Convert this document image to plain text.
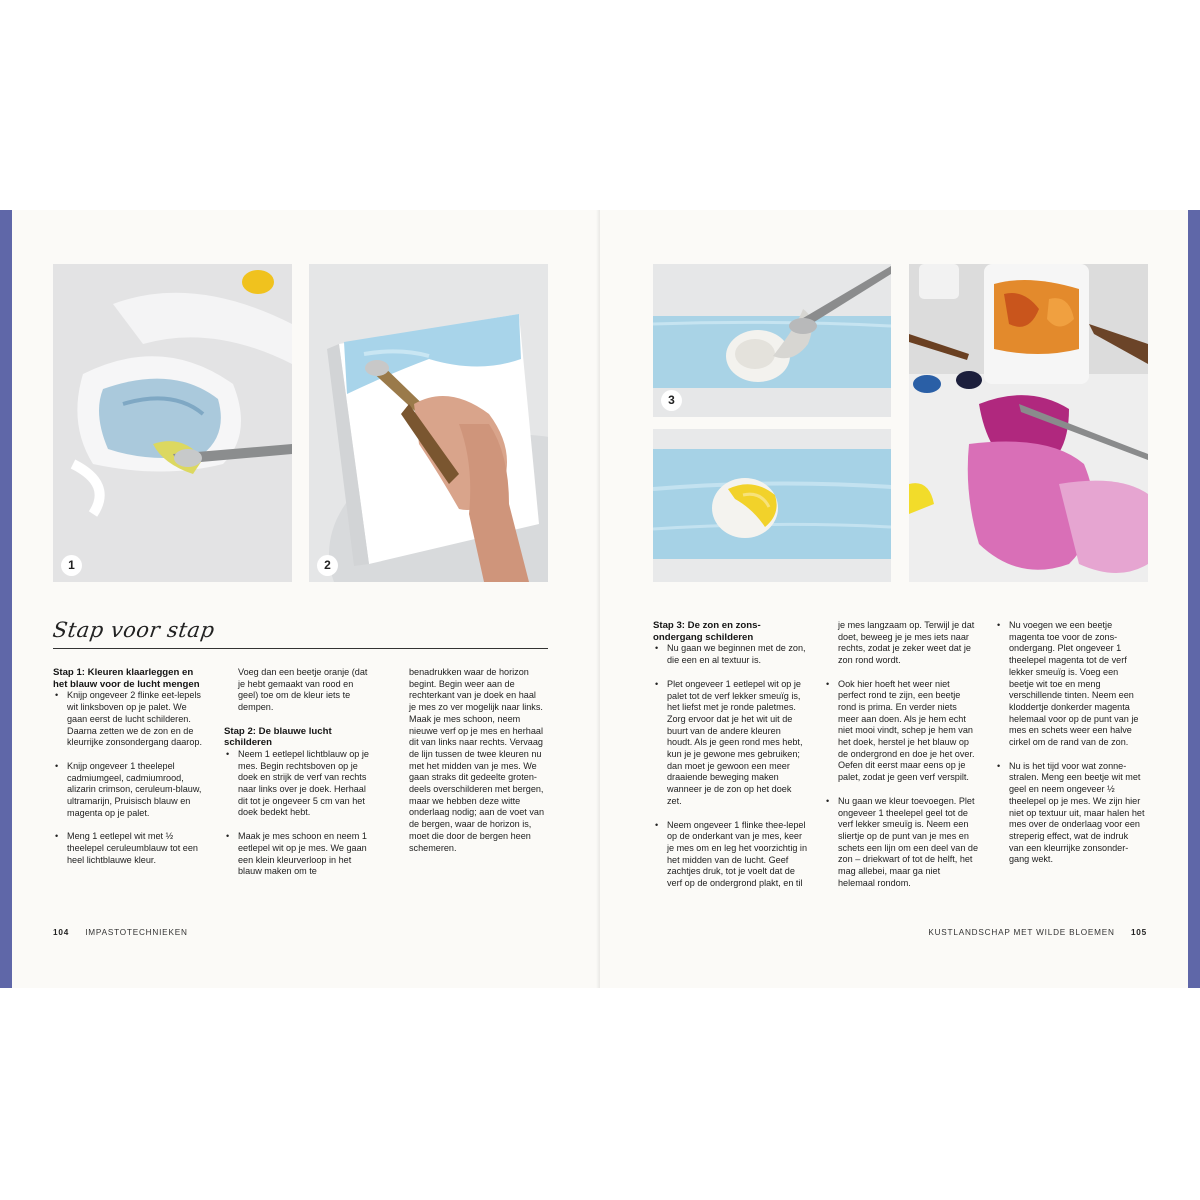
1	2
Stap voor stap
Stap 1: Kleuren klaarleggen en het blauw voor de lucht mengen
• Knijp ongeveer 2 flinke eet-lepels wit linksboven op je palet. We gaan eerst de lucht schilderen. Daarna zetten we de zon en de kleurrijke zonsondergang daarop.
• Knijp ongeveer 1 theelepel cadmiumgeel, cadmiumrood, alizarin crimson, ceruleum-blauw, ultramarijn, Pruisisch blauw en magenta op je palet.
• Meng 1 eetlepel wit met ½ theelepel ceruleumblauw tot een heel lichtblauwe kleur.

Voeg dan een beetje oranje (dat je hebt gemaakt van rood en geel) toe om de kleur iets te dempen.

Stap 2: De blauwe lucht schilderen
• Neem 1 eetlepel lichtblauw op je mes. Begin rechtsboven op je doek en strijk de verf van rechts naar links over je doek. Herhaal dit tot je ongeveer 5 cm van het doek bedekt hebt.
• Maak je mes schoon en neem 1 eetlepel wit op je mes. We gaan een klein kleurverloop in het blauw maken om te

benadrukken waar de horizon begint. Begin weer aan de rechterkant van je doek en haal je mes zo ver mogelijk naar links. Maak je mes schoon, neem nieuwe verf op je mes en herhaal dit van links naar rechts. Vervaag de lijn tussen de twee kleuren nu met het midden van je mes. We gaan straks dit gedeelte groten-deels overschilderen met bergen, maar we hebben deze witte onderlaag nodig; aan de voet van de bergen, waar de horizon is, moet die door de bergen heen schemeren.

104 IMPASTOTECHNIEKEN
3
Stap 3: De zon en zons-ondergang schilderen
• Nu gaan we beginnen met de zon, die een en al textuur is.
• Plet ongeveer 1 eetlepel wit op je palet tot de verf lekker smeuïg is, het liefst met je ronde paletmes. Zorg ervoor dat je het wit uit de buurt van de andere kleuren houdt. Als je geen rond mes hebt, kun je je gewone mes gebruiken; dan moet je gewoon een meer draaiende beweging maken wanneer je de zon op het doek zet.
• Neem ongeveer 1 flinke thee-lepel op de onderkant van je mes, keer je mes om en leg het voorzichtig in het midden van de lucht. Geef zachtjes druk, tot je voelt dat de verf op de ondergrond plakt, en til

je mes langzaam op. Terwijl je dat doet, beweeg je je mes iets naar rechts, zodat je zeker weet dat je zon rond wordt.

• Ook hier hoeft het weer niet perfect rond te zijn, een beetje rond is prima. En verder niets meer aan doen. Als je hem echt niet mooi vindt, schep je hem van het doek, herstel je het blauw op de ondergrond en doe je het over. Oefen dit eerst maar eens op je palet, zodat je geen verf verspilt.
• Nu gaan we kleur toevoegen. Plet ongeveer 1 theelepel geel tot de verf lekker smeuïg is. Neem een sliertje op de punt van je mes en schets een lijn om een deel van de zon – driekwart of tot de helft, het mag allebei, maar ga niet helemaal rondom.
• Nu voegen we een beetje magenta toe voor de zons-ondergang. Plet ongeveer 1 theelepel magenta tot de verf lekker smeuïg is. Voeg een beetje wit toe en meng verschillende tinten. Neem een kloddertje donkerder magenta helemaal voor op de punt van je mes en schets weer een halve cirkel om de rand van de zon.
• Nu is het tijd voor wat zonne-stralen. Meng een beetje wit met geel en neem ongeveer ½ theelepel op je mes. We zijn hier niet op textuur uit, maar halen het mes over de onderlaag voor een streperig effect, wat de indruk van een kleurrijke zonsonder-gang wekt.
KUSTLANDSCHAP MET WILDE BLOEMEN 105
